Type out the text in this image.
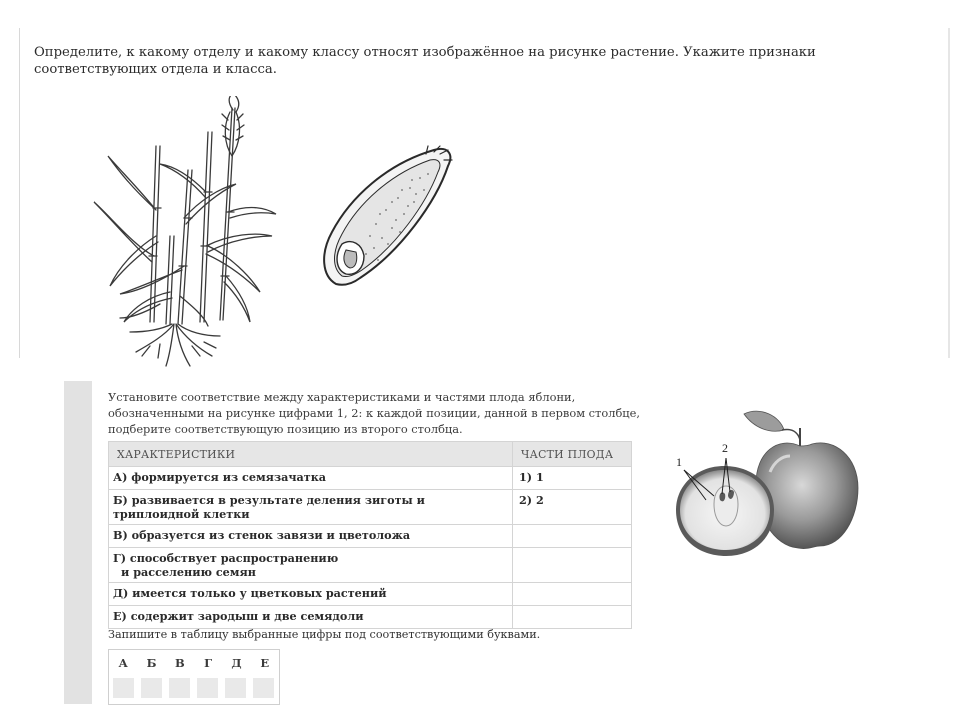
Определите, к какому отделу и какому классу относят изображённое на рисунке растение. Укажите признаки соответствующих отдела и класса.
Установите соответствие между характеристиками и частями плода яблони, обозначенными на рисунке цифрами 1, 2: к каждой позиции, данной в первом столбце, подберите соответствующую позицию из второго столбца.
ХАРАКТЕРИСТИКИ	ЧАСТИ ПЛОДА
А) формируется из семязачатка	1) 1
Б) развивается в результате деления зиготы и триплоидной клетки	2) 2
В) образуется из стенок завязи и цветоложа	

Г) способствует распространению
и расселению семян	

Д) имеется только у цветковых растений	
Е) содержит зародыш и две семядоли	
Запишите в таблицу выбранные цифры под соответствующими буквами.
А	Б	В	Г	Д	Е
1
2
